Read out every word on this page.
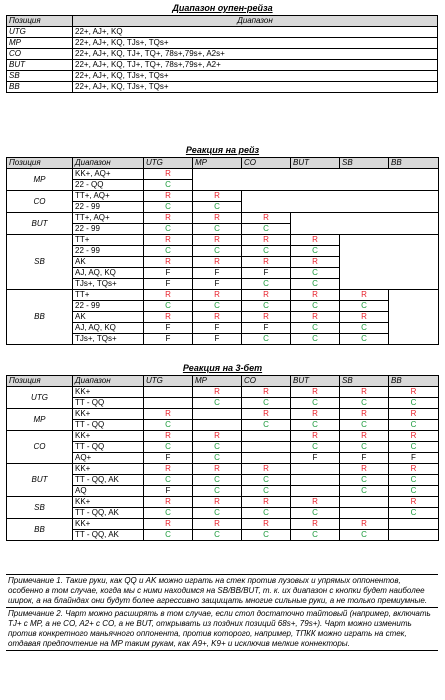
Диапазон оупен-рейза
Позиция	Диапазон
UTG	22+, AJ+, KQ
MP	22+, AJ+, KQ, TJs+, TQs+
CO	22+, AJ+, KQ, TJ+, TQ+, 78s+,79s+, A2s+
BUT	22+, AJ+, KQ, TJ+, TQ+, 78s+,79s+, A2+
SB	22+, AJ+, KQ, TJs+, TQs+
BB	22+, AJ+, KQ, TJs+, TQs+
Реакция на рейз
Позиция	Диапазон	UTG	MP	CO	BUT	SB	BB
MP	KK+, AQ+	R					
	22 - QQ	C					
CO	TT+, AQ+	R	R				
	22 - 99	C	C				
BUT	TT+, AQ+	R	R	R			
	22 - 99	C	C	C			
SB	TT+	R	R	R	R		
	22 - 99	C	C	C	C		
	AK	R	R	R	R		
	AJ, AQ, KQ	F	F	F	C		
	TJs+, TQs+	F	F	C	C		
BB	TT+	R	R	R	R	R	
	22 - 99	C	C	C	C	C	
	AK	R	R	R	R	R	
	AJ, AQ, KQ	F	F	F	C	C	
	TJs+, TQs+	F	F	C	C	C	
Реакция на 3-бет
Позиция	Диапазон	UTG	MP	CO	BUT	SB	BB
UTG	KK+		R	R	R	R	R
	TT - QQ		C	C	C	C	C
MP	KK+	R		R	R	R	R
	TT - QQ	C		C	C	C	C
CO	KK+	R	R		R	R	R
	TT - QQ	C	C		C	C	C
	AQ+	F	C		F	F	F
BUT	KK+	R	R	R		R	R
	TT - QQ, AK	C	C	C		C	C
	AQ	F	C	C		C	C
SB	KK+	R	R	R	R		R
	TT - QQ, AK	C	C	C	C		C
BB	KK+	R	R	R	R	R	
	TT - QQ, AK	C	C	C	C	C	
Примечание 1. Такие руки, как QQ и AK можно играть на стек против лузовых и упрямых оппонентов, особенно в том случае, когда мы с ними находимся на SB/BB/BUT, т. к. их диапазон с кнопки будет наиболее широк, а на блайндах они будут более агрессивно защищать многие сильные руки, а не только премиумные.
Примечание 2. Чарт можно расширять в том случае, если стол достаточно тайтовый (например, включать TJ+ с MP, а не CO, A2+ с CO, а не BUT, открывать из поздних позиций 68s+, 79s+). Чарт можно изменить против конкретного маньячного оппонента, против которого, например, ТПКК можно играть на стек, отдавая предпочтение на MP таким рукам, как A9+, K9+ и исключив мелкие коннекторы.
